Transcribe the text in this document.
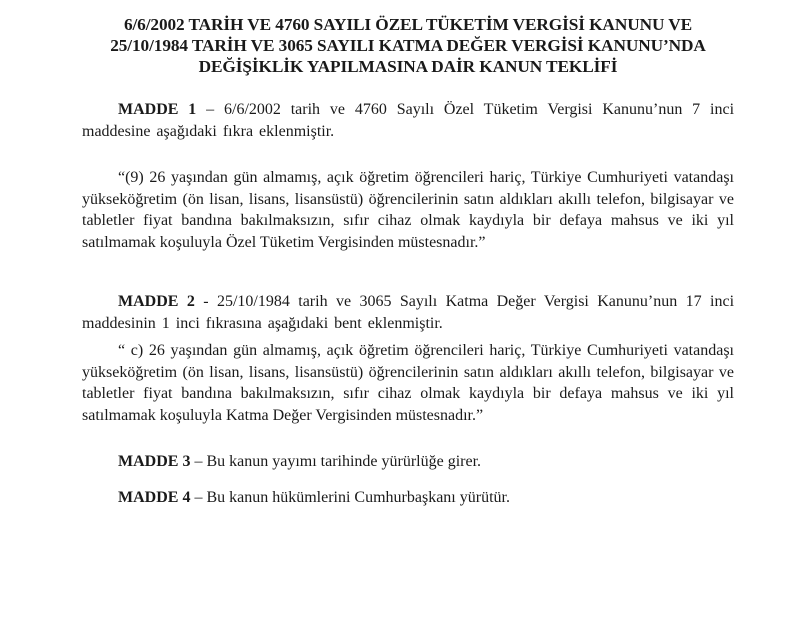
6/6/2002 TARİH VE 4760 SAYILI ÖZEL TÜKETİM VERGİSİ KANUNU VE
25/10/1984 TARİH VE 3065 SAYILI KATMA DEĞER VERGİSİ KANUNU’NDA
DEĞİŞİKLİK YAPILMASINA DAİR KANUN TEKLİFİ

MADDE 1 – 6/6/2002 tarih ve 4760 Sayılı Özel Tüketim Vergisi Kanunu’nun 7 inci maddesine aşağıdaki fıkra eklenmiştir.

“(9) 26 yaşından gün almamış, açık öğretim öğrencileri hariç, Türkiye Cumhuriyeti vatandaşı yükseköğretim (ön lisan, lisans, lisansüstü) öğrencilerinin satın aldıkları akıllı telefon, bilgisayar ve tabletler fiyat bandına bakılmaksızın, sıfır cihaz olmak kaydıyla bir defaya mahsus ve iki yıl satılmamak koşuluyla Özel Tüketim Vergisinden müstesnadır.”

MADDE 2 - 25/10/1984 tarih ve 3065 Sayılı Katma Değer Vergisi Kanunu’nun 17 inci maddesinin 1 inci fıkrasına aşağıdaki bent eklenmiştir.

“ c) 26 yaşından gün almamış, açık öğretim öğrencileri hariç, Türkiye Cumhuriyeti vatandaşı yükseköğretim (ön lisan, lisans, lisansüstü) öğrencilerinin satın aldıkları akıllı telefon, bilgisayar ve tabletler fiyat bandına bakılmaksızın, sıfır cihaz olmak kaydıyla bir defaya mahsus ve iki yıl satılmamak koşuluyla Katma Değer Vergisinden müstesnadır.”

MADDE 3 – Bu kanun yayımı tarihinde yürürlüğe girer.

MADDE 4 – Bu kanun hükümlerini Cumhurbaşkanı yürütür.
